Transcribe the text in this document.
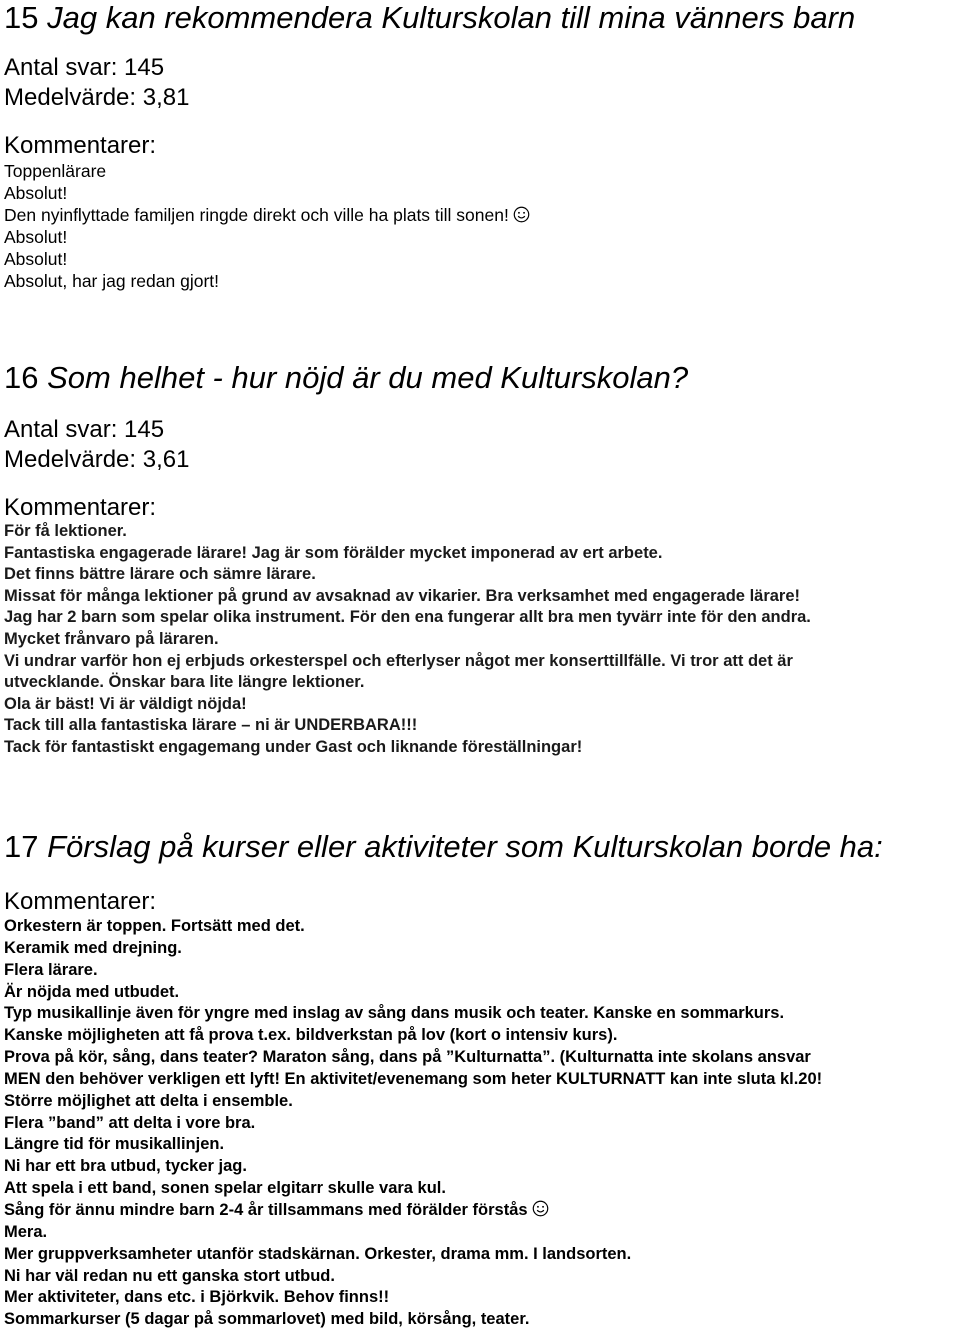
15 Jag kan rekommendera Kulturskolan till mina vänners barn
Antal svar: 145
Medelvärde: 3,81
Kommentarer:
Toppenlärare
Absolut!
Den nyinflyttade familjen ringde direkt och ville ha plats till sonen!
Absolut!
Absolut!
Absolut, har jag redan gjort!
16 Som helhet - hur nöjd är du med Kulturskolan?
Antal svar: 145
Medelvärde: 3,61
Kommentarer:
För få lektioner.
Fantastiska engagerade lärare! Jag är som förälder mycket imponerad av ert arbete.
Det finns bättre lärare och sämre lärare.
Missat för många lektioner på grund av avsaknad av vikarier. Bra verksamhet med engagerade lärare!
Jag har 2 barn som spelar olika instrument. För den ena fungerar allt bra men tyvärr inte för den andra.
Mycket frånvaro på läraren.
Vi undrar varför hon ej erbjuds orkesterspel och efterlyser något mer konserttillfälle. Vi tror att det är
utvecklande. Önskar bara lite längre lektioner.
Ola är bäst! Vi är väldigt nöjda!
Tack till alla fantastiska lärare – ni är UNDERBARA!!!
Tack för fantastiskt engagemang under Gast och liknande föreställningar!
17 Förslag på kurser eller aktiviteter som Kulturskolan borde ha:
Kommentarer:
Orkestern är toppen. Fortsätt med det.
Keramik med drejning.
Flera lärare.
Är nöjda med utbudet.
Typ musikallinje även för yngre med inslag av sång dans musik och teater. Kanske en sommarkurs.
Kanske möjligheten att få prova t.ex. bildverkstan på lov (kort o intensiv kurs).
Prova på kör, sång, dans teater? Maraton sång, dans på ”Kulturnatta”. (Kulturnatta inte skolans ansvar
MEN den behöver verkligen ett lyft! En aktivitet/evenemang som heter KULTURNATT kan inte sluta kl.20!
Större möjlighet att delta i ensemble.
Flera ”band” att delta i vore bra.
Längre tid för musikallinjen.
Ni har ett bra utbud, tycker jag.
Att spela i ett band, sonen spelar elgitarr skulle vara kul.
Sång för ännu mindre barn 2-4 år tillsammans med förälder förstås
Mera.
Mer gruppverksamheter utanför stadskärnan. Orkester, drama mm. I landsorten.
Ni har väl redan nu ett ganska stort utbud.
Mer aktiviteter, dans etc. i Björkvik. Behov finns!!
Sommarkurser (5 dagar på sommarlovet) med bild, körsång, teater.
